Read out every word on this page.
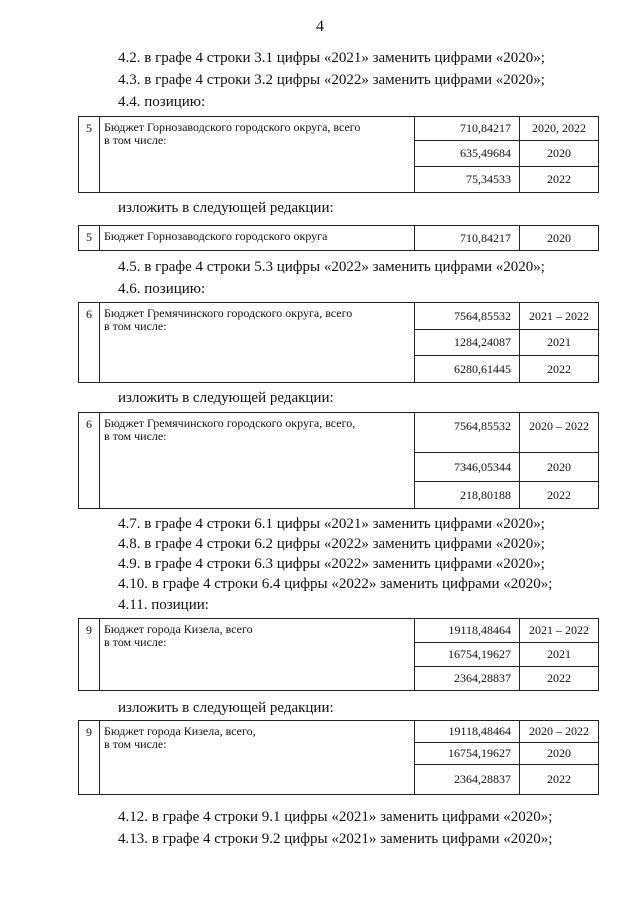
4
4.2. в графе 4 строки 3.1 цифры «2021» заменить цифрами «2020»;
4.3. в графе 4 строки 3.2 цифры «2022» заменить цифрами «2020»;
4.4. позицию:
5	Бюджет Горнозаводского городского округа, всего
в том числе:	710,84217	2020, 2022
		635,49684	2020
		75,34533	2022
изложить в следующей редакции:
5	Бюджет Горнозаводского городского округа	710,84217	2020
4.5. в графе 4 строки 5.3 цифры «2022» заменить цифрами «2020»;
4.6. позицию:
6	Бюджет Гремячинского городского округа, всего
в том числе:	7564,85532	2021 – 2022
		1284,24087	2021
		6280,61445	2022
изложить в следующей редакции:
6	Бюджет Гремячинского городского округа, всего,
в том числе:	7564,85532	2020 – 2022
		7346,05344	2020
		218,80188	2022
4.7. в графе 4 строки 6.1 цифры «2021» заменить цифрами «2020»;
4.8. в графе 4 строки 6.2 цифры «2022» заменить цифрами «2020»;
4.9. в графе 4 строки 6.3 цифры «2022» заменить цифрами «2020»;
4.10. в графе 4 строки 6.4 цифры «2022» заменить цифрами «2020»;
4.11. позиции:
9	Бюджет города Кизела, всего
в том числе:	19118,48464	2021 – 2022
		16754,19627	2021
		2364,28837	2022
изложить в следующей редакции:
9	Бюджет города Кизела, всего,
в том числе:	19118,48464	2020 – 2022
		16754,19627	2020
		2364,28837	2022
4.12. в графе 4 строки 9.1 цифры «2021» заменить цифрами «2020»;
4.13. в графе 4 строки 9.2 цифры «2021» заменить цифрами «2020»;
